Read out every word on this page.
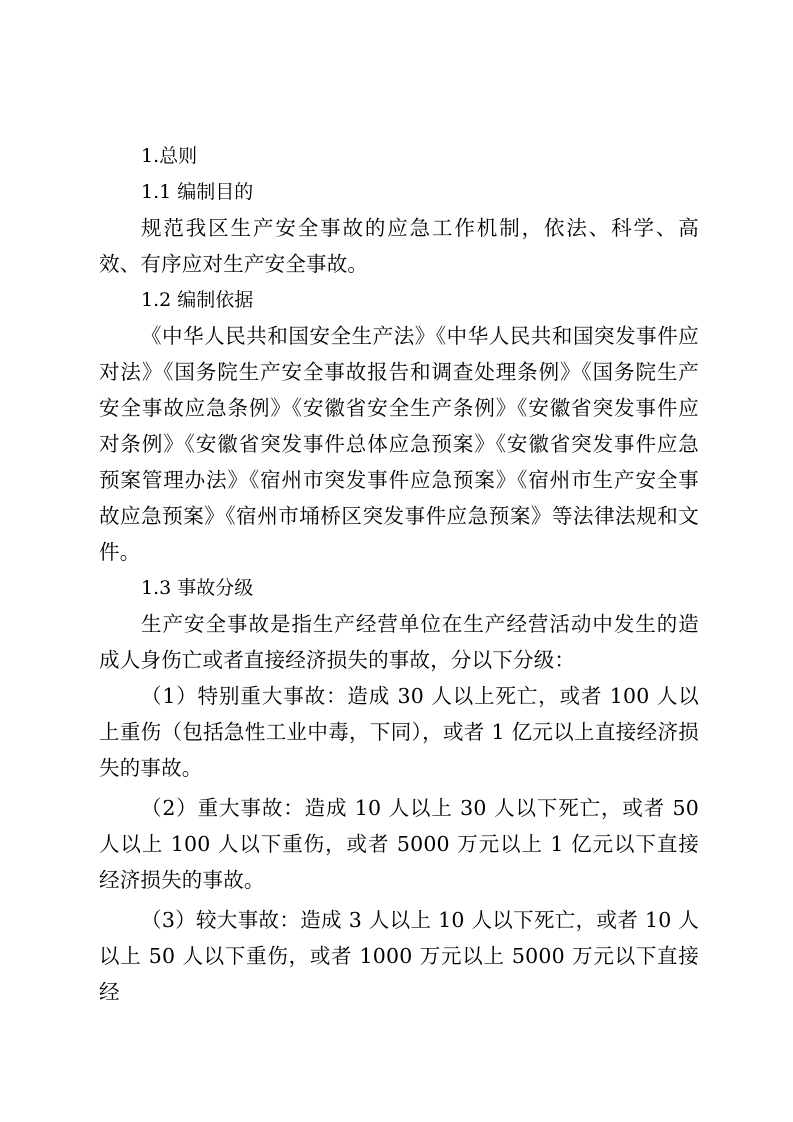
1.总则
1.1 编制目的

规范我区生产安全事故的应急工作机制，依法、科学、高效、有序应对生产安全事故。

1.2 编制依据

《中华人民共和国安全生产法》《中华人民共和国突发事件应对法》《国务院生产安全事故报告和调查处理条例》《国务院生产安全事故应急条例》《安徽省安全生产条例》《安徽省突发事件应对条例》《安徽省突发事件总体应急预案》《安徽省突发事件应急预案管理办法》《宿州市突发事件应急预案》《宿州市生产安全事故应急预案》《宿州市埇桥区突发事件应急预案》等法律法规和文件。

1.3 事故分级

生产安全事故是指生产经营单位在生产经营活动中发生的造成人身伤亡或者直接经济损失的事故，分以下分级：

（1）特别重大事故：造成 30 人以上死亡，或者 100 人以上重伤（包括急性工业中毒，下同），或者 1 亿元以上直接经济损失的事故。

（2）重大事故：造成 10 人以上 30 人以下死亡，或者 50 人以上 100 人以下重伤，或者 5000 万元以上 1 亿元以下直接经济损失的事故。

（3）较大事故：造成 3 人以上 10 人以下死亡，或者 10 人以上 50 人以下重伤，或者 1000 万元以上 5000 万元以下直接经
